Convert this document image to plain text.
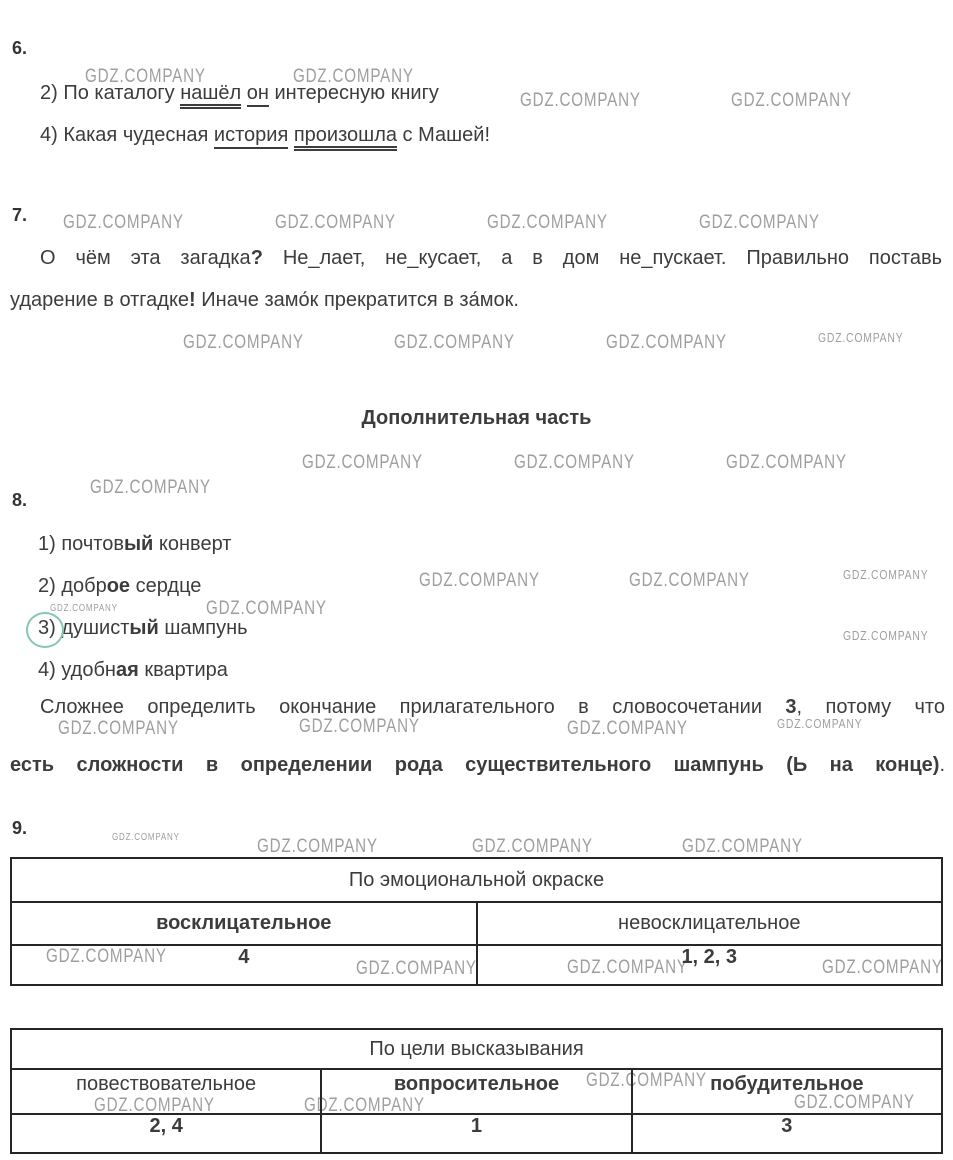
GDZ.COMPANY	GDZ.COMPANY
GDZ.COMPANY	GDZ.COMPANY
GDZ.COMPANY	GDZ.COMPANY	GDZ.COMPANY	GDZ.COMPANY
GDZ.COMPANY	GDZ.COMPANY	GDZ.COMPANY	GDZ.COMPANY
GDZ.COMPANY	GDZ.COMPANY	GDZ.COMPANY
GDZ.COMPANY
GDZ.COMPANY	GDZ.COMPANY	GDZ.COMPANY
GDZ.COMPANY	GDZ.COMPANY
GDZ.COMPANY
GDZ.COMPANY	GDZ.COMPANY	GDZ.COMPANY	GDZ.COMPANY
GDZ.COMPANY	GDZ.COMPANY	GDZ.COMPANY	GDZ.COMPANY
GDZ.COMPANY
GDZ.COMPANY	GDZ.COMPANY	GDZ.COMPANY
GDZ.COMPANY
GDZ.COMPANY	GDZ.COMPANY	GDZ.COMPANY

6.

2) По каталогу нашёл он интересную книгу

4) Какая чудесная история произошла с Машей!

7.

О чём эта загадка? Не_лает, не_кусает, а в дом не_пускает. Правильно поставь

ударение в отгадке! Иначе замо́к прекратится в за́мок.

Дополнительная часть

8.

1) почтовый конверт

2) доброе сердце

3) душистый шампунь

4) удобная квартира

Сложнее определить окончание прилагательного в словосочетании 3, потому что

есть сложности в определении рода существительного шампунь (Ь на конце).

9.

По эмоциональной окраске	
восклицательное	невосклицательное
4	1, 2, 3
По цели высказывания		
повествовательное	вопросительное	побудительное
2, 4	1	3
